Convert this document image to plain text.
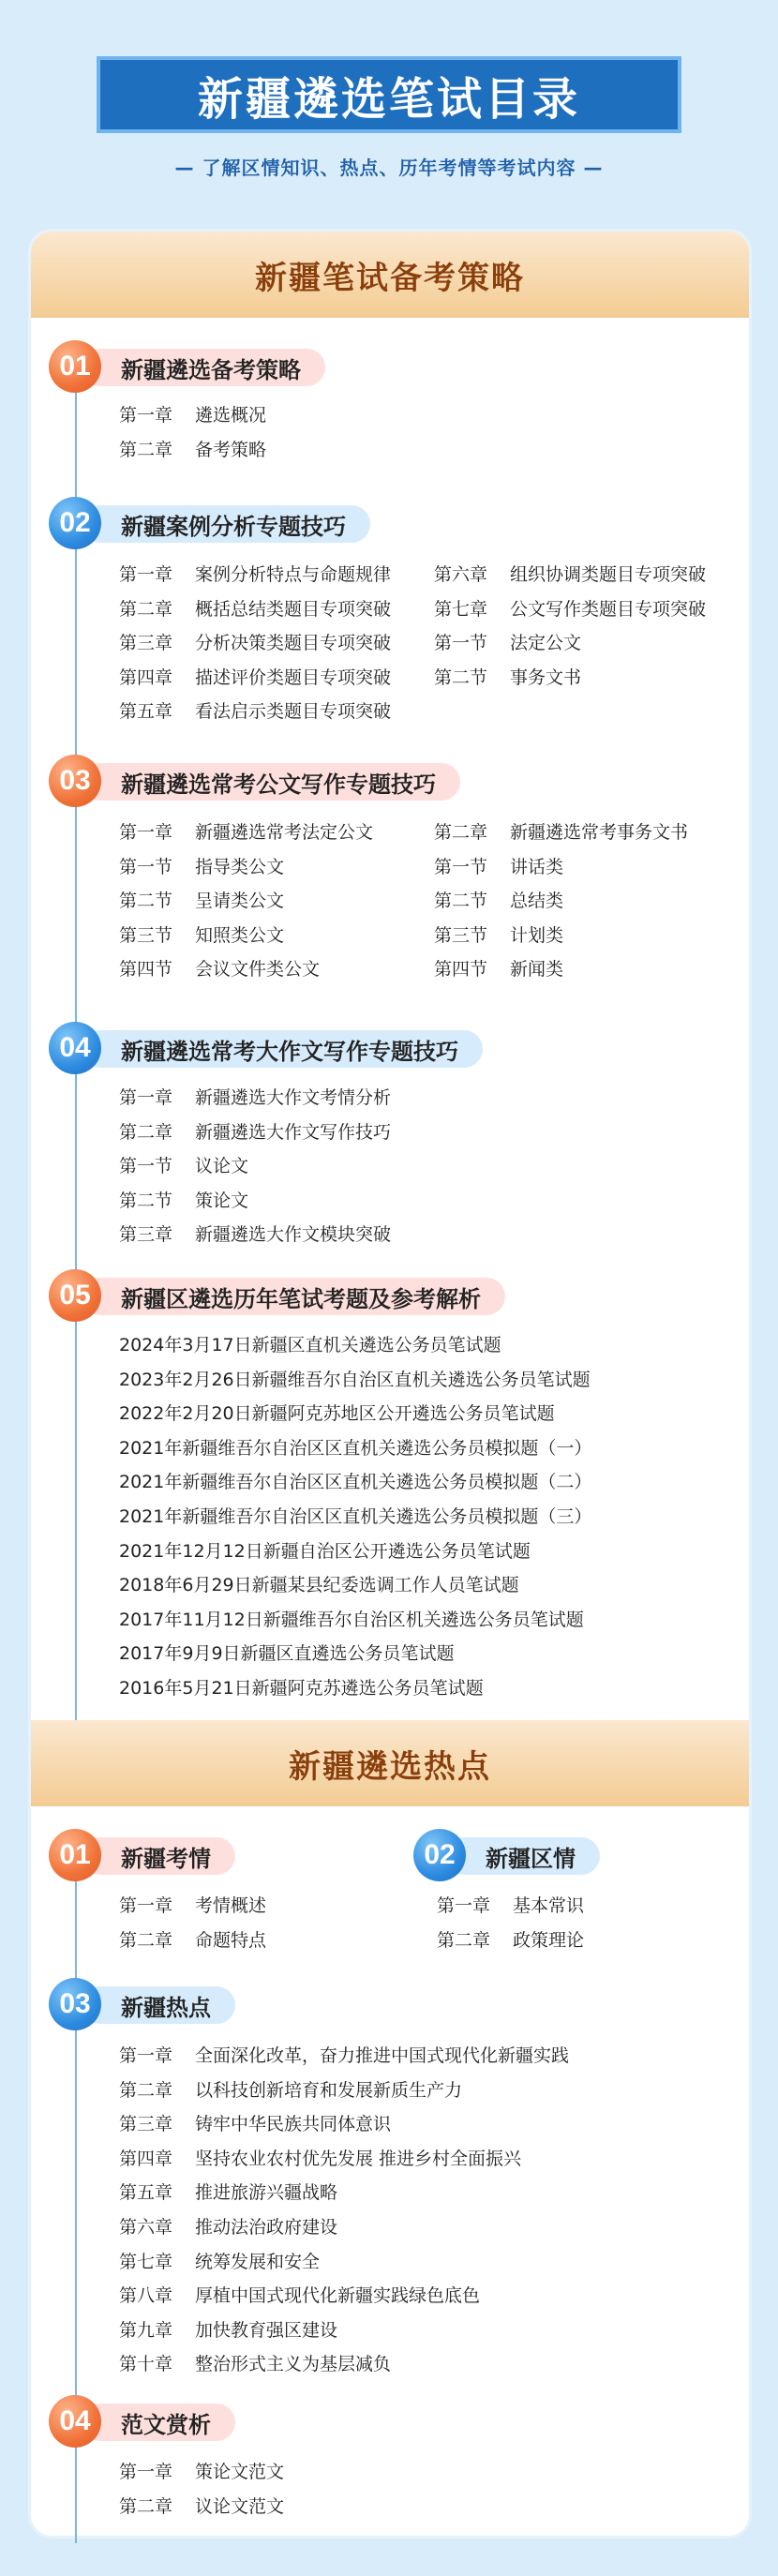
新疆遴选笔试目录
— 了解区情知识、热点、历年考情等考试内容 —
新疆笔试备考策略
新疆遴选备考策略
01
第一章 遴选概况
第二章 备考策略
新疆案例分析专题技巧
02
第一章 案例分析特点与命题规律
第二章 概括总结类题目专项突破
第三章 分析决策类题目专项突破
第四章 描述评价类题目专项突破
第五章 看法启示类题目专项突破
第六章 组织协调类题目专项突破
第七章 公文写作类题目专项突破
第一节 法定公文
第二节 事务文书
新疆遴选常考公文写作专题技巧
03
第一章 新疆遴选常考法定公文
第一节 指导类公文
第二节 呈请类公文
第三节 知照类公文
第四节 会议文件类公文
第二章 新疆遴选常考事务文书
第一节 讲话类
第二节 总结类
第三节 计划类
第四节 新闻类
新疆遴选常考大作文写作专题技巧
04
第一章 新疆遴选大作文考情分析
第二章 新疆遴选大作文写作技巧
第一节 议论文
第二节 策论文
第三章 新疆遴选大作文模块突破
新疆区遴选历年笔试考题及参考解析
05
2024年3月17日新疆区直机关遴选公务员笔试题
2023年2月26日新疆维吾尔自治区直机关遴选公务员笔试题
2022年2月20日新疆阿克苏地区公开遴选公务员笔试题
2021年新疆维吾尔自治区区直机关遴选公务员模拟题（一）
2021年新疆维吾尔自治区区直机关遴选公务员模拟题（二）
2021年新疆维吾尔自治区区直机关遴选公务员模拟题（三）
2021年12月12日新疆自治区公开遴选公务员笔试题
2018年6月29日新疆某县纪委选调工作人员笔试题
2017年11月12日新疆维吾尔自治区机关遴选公务员笔试题
2017年9月9日新疆区直遴选公务员笔试题
2016年5月21日新疆阿克苏遴选公务员笔试题
新疆遴选热点
新疆考情
01
第一章 考情概述
第二章 命题特点
新疆区情
02
第一章 基本常识
第二章 政策理论
新疆热点
03
第一章 全面深化改革，奋力推进中国式现代化新疆实践
第二章 以科技创新培育和发展新质生产力
第三章 铸牢中华民族共同体意识
第四章 坚持农业农村优先发展 推进乡村全面振兴
第五章 推进旅游兴疆战略
第六章 推动法治政府建设
第七章 统筹发展和安全
第八章 厚植中国式现代化新疆实践绿色底色
第九章 加快教育强区建设
第十章 整治形式主义为基层减负
范文赏析
04
第一章 策论文范文
第二章 议论文范文
